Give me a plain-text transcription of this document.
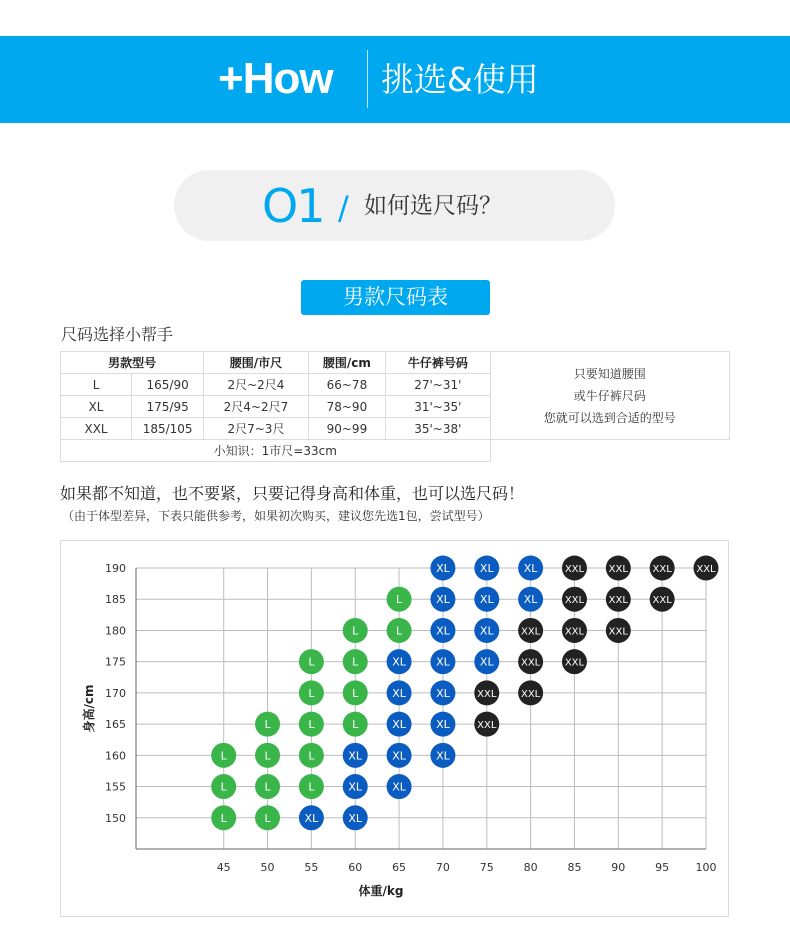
+How	挑选&使用
O1 / 如何选尺码？
男款尺码表
尺码选择小帮手
男款型号		腰围/市尺	腰围/cm	牛仔裤号码	只要知道腰围
或牛仔裤尺码
您就可以选到合适的型号

L	165/90	2尺~2尺4	66~78	27'~31'	
XL	175/95	2尺4~2尺7	78~90	31'~35'	
XXL	185/105	2尺7~3尺	90~99	35'~38'	
小知识：1市尺=33cm					
如果都不知道，也不要紧，只要记得身高和体重，也可以选尺码！
（由于体型差异，下表只能供参考，如果初次购买，建议您先选1包，尝试型号）
45	50	55	60	65	70	75	80	85	90	95 100
150
155
160
165
170
175
180
185
190
体重/kg
身高/cm
XL	XL	XL	XXL XXL XXL XXL
L	XL	XL	XL	XXL XXL XXL
L	L	XL	XL	XXL XXL XXL
L	L	XL	XL	XL	XXL XXL
L	L	XL	XL	XXL XXL
L	L	L	XL	XL	XXL
L	L	L	XL	XL	XL
L	L	L	XL	XL
L	L	XL	XL
